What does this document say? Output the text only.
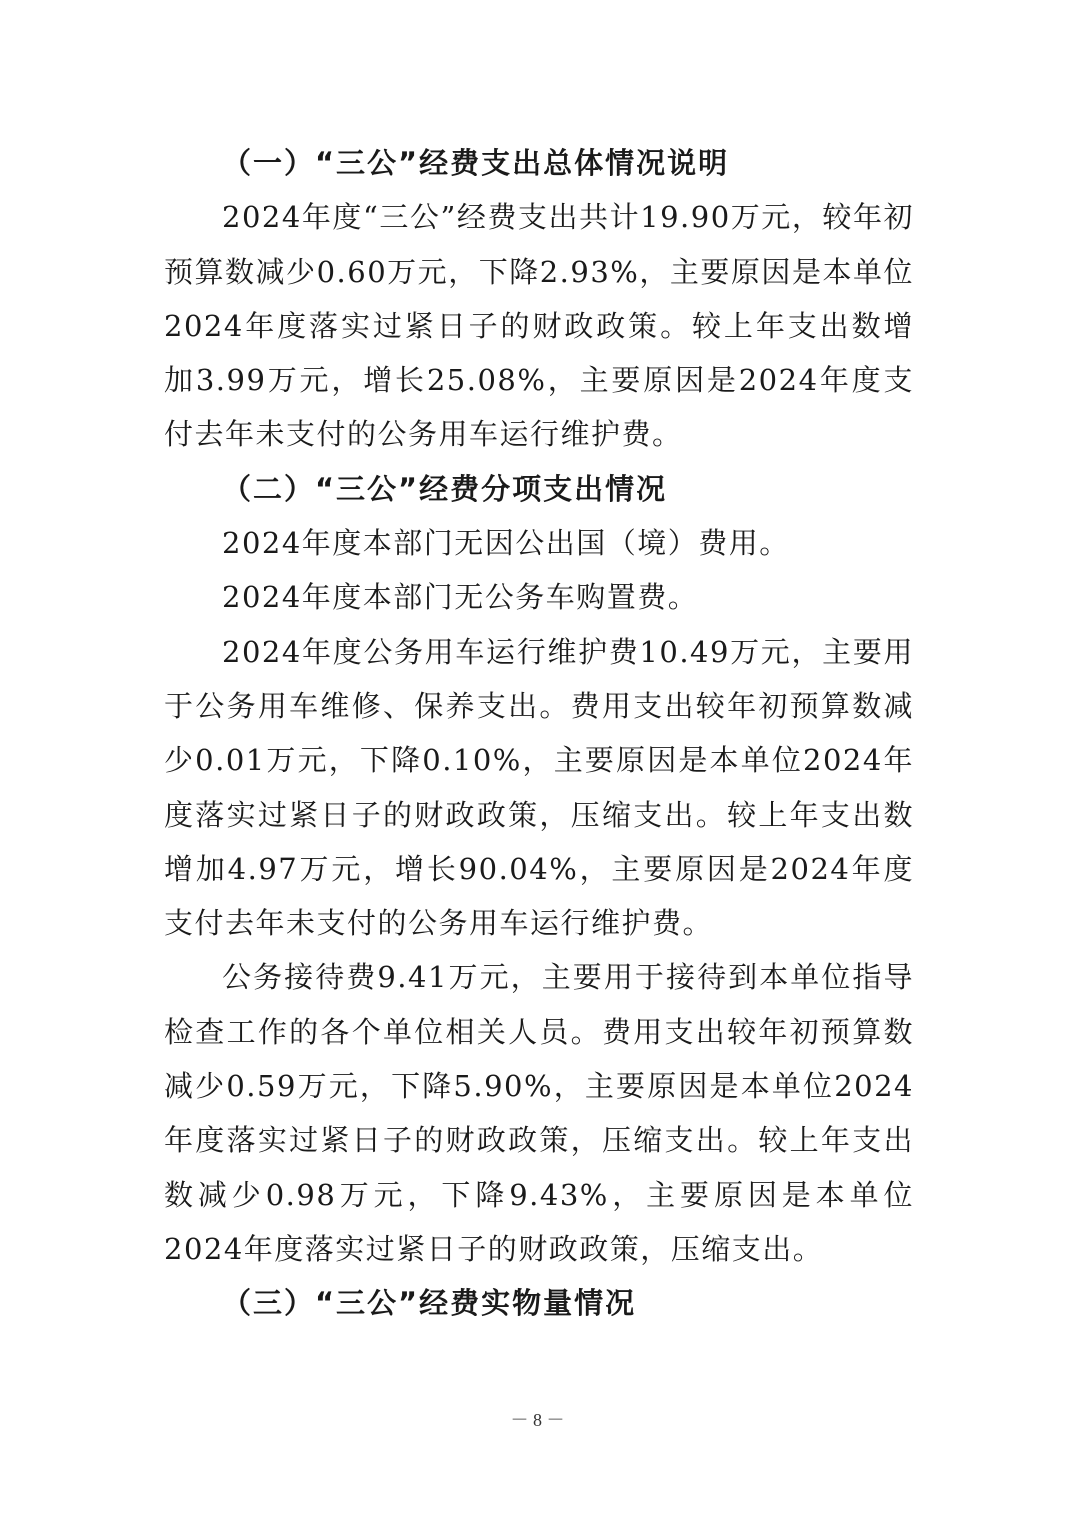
（一）“三公”经费支出总体情况说明

2024年度“三公”经费支出共计19.90万元，较年初预算数减少0.60万元，下降2.93%，主要原因是本单位2024年度落实过紧日子的财政政策。较上年支出数增加3.99万元，增长25.08%，主要原因是2024年度支付去年未支付的公务用车运行维护费。

（二）“三公”经费分项支出情况

2024年度本部门无因公出国（境）费用。

2024年度本部门无公务车购置费。

2024年度公务用车运行维护费10.49万元，主要用于公务用车维修、保养支出。费用支出较年初预算数减少0.01万元，下降0.10%，主要原因是本单位2024年度落实过紧日子的财政政策，压缩支出。较上年支出数增加4.97万元，增长90.04%，主要原因是2024年度支付去年未支付的公务用车运行维护费。

公务接待费9.41万元，主要用于接待到本单位指导检查工作的各个单位相关人员。费用支出较年初预算数减少0.59万元，下降5.90%，主要原因是本单位2024年度落实过紧日子的财政政策，压缩支出。较上年支出数减少0.98万元，下降9.43%，主要原因是本单位2024年度落实过紧日子的财政政策，压缩支出。

（三）“三公”经费实物量情况
－ 8 －
